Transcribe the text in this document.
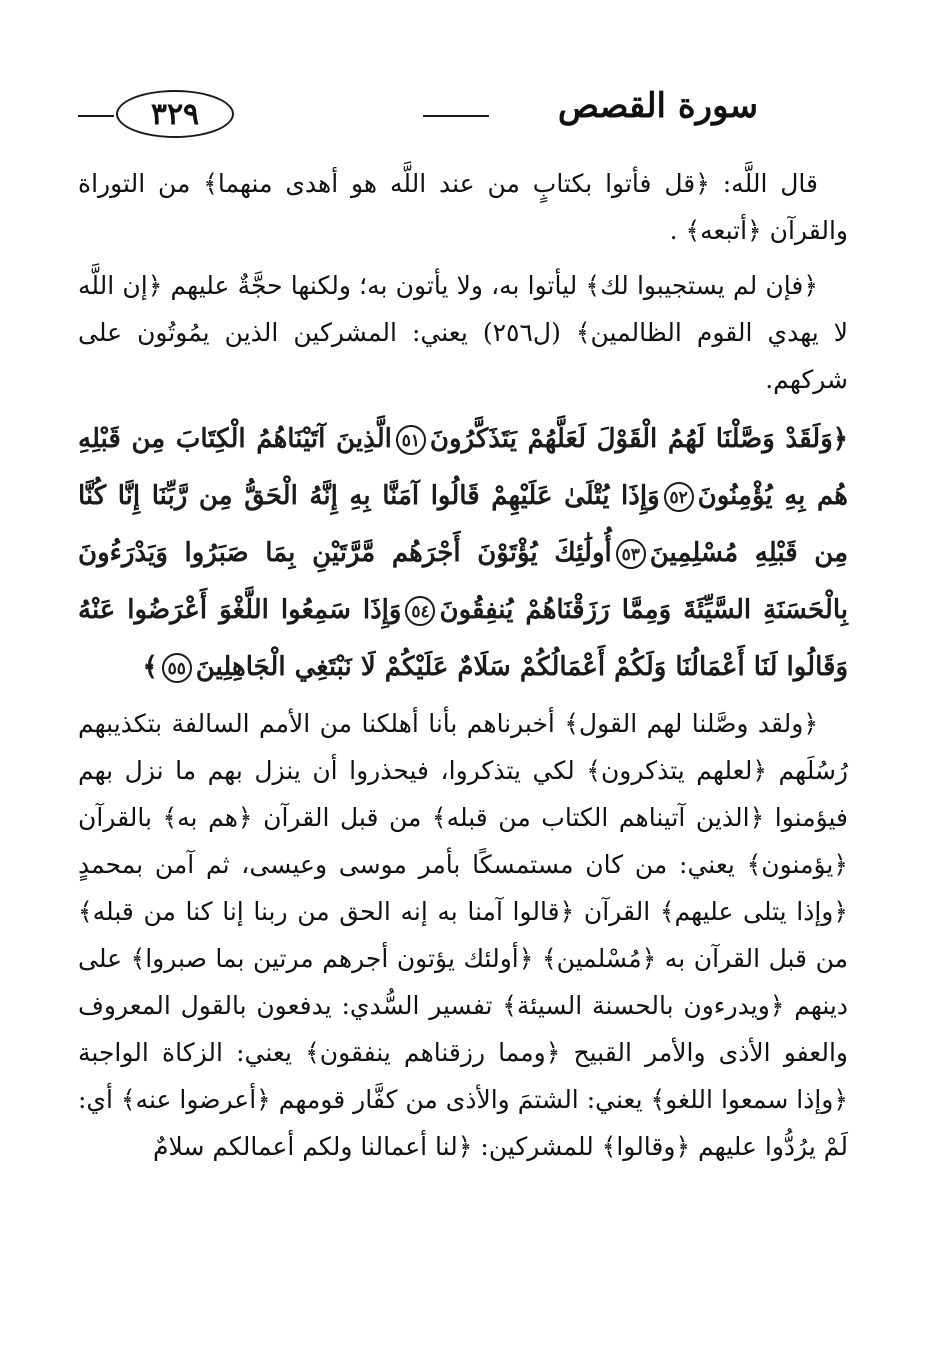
٣٢٩	سورة القصص

قال اللَّه: ﴿قل فأتوا بكتابٍ من عند اللَّه هو أهدى منهما﴾ من التوراة والقرآن ﴿أتبعه﴾ .

﴿فإن لم يستجيبوا لك﴾ ليأتوا به، ولا يأتون به؛ ولكنها حجَّةٌ عليهم ﴿إن اللَّه لا يهدي القوم الظالمين﴾ (ل٢٥٦) يعني: المشركين الذين يمُوتُون على شركهم.

﴿وَلَقَدْ وَصَّلْنَا لَهُمُ الْقَوْلَ لَعَلَّهُمْ يَتَذَكَّرُونَ٥١الَّذِينَ آتَيْنَاهُمُ الْكِتَابَ مِن قَبْلِهِ هُم بِهِ يُؤْمِنُونَ٥٢وَإِذَا يُتْلَىٰ عَلَيْهِمْ قَالُوا آمَنَّا بِهِ إِنَّهُ الْحَقُّ مِن رَّبِّنَا إِنَّا كُنَّا مِن قَبْلِهِ مُسْلِمِينَ٥٣أُولَٰئِكَ يُؤْتَوْنَ أَجْرَهُم مَّرَّتَيْنِ بِمَا صَبَرُوا وَيَدْرَءُونَ بِالْحَسَنَةِ السَّيِّئَةَ وَمِمَّا رَزَقْنَاهُمْ يُنفِقُونَ٥٤وَإِذَا سَمِعُوا اللَّغْوَ أَعْرَضُوا عَنْهُ وَقَالُوا لَنَا أَعْمَالُنَا وَلَكُمْ أَعْمَالُكُمْ سَلَامٌ عَلَيْكُمْ لَا نَبْتَغِي الْجَاهِلِينَ٥٥﴾

﴿ولقد وصَّلنا لهم القول﴾ أخبرناهم بأنا أهلكنا من الأمم السالفة بتكذيبهم رُسُلَهم ﴿لعلهم يتذكرون﴾ لكي يتذكروا، فيحذروا أن ينزل بهم ما نزل بهم فيؤمنوا ﴿الذين آتيناهم الكتاب من قبله﴾ من قبل القرآن ﴿هم به﴾ بالقرآن ﴿يؤمنون﴾ يعني: من كان مستمسكًا بأمر موسى وعيسى، ثم آمن بمحمدٍ ﴿وإذا يتلى عليهم﴾ القرآن ﴿قالوا آمنا به إنه الحق من ربنا إنا كنا من قبله﴾ من قبل القرآن به ﴿مُسْلمين﴾ ﴿أولئك يؤتون أجرهم مرتين بما صبروا﴾ على دينهم ﴿ويدرءون بالحسنة السيئة﴾ تفسير السُّدي: يدفعون بالقول المعروف والعفو الأذى والأمر القبيح ﴿ومما رزقناهم ينفقون﴾ يعني: الزكاة الواجبة ﴿وإذا سمعوا اللغو﴾ يعني: الشتمَ والأذى من كفَّار قومهم ﴿أعرضوا عنه﴾ أي: لَمْ يرُدُّوا عليهم ﴿وقالوا﴾ للمشركين: ﴿لنا أعمالنا ولكم أعمالكم سلامٌ
